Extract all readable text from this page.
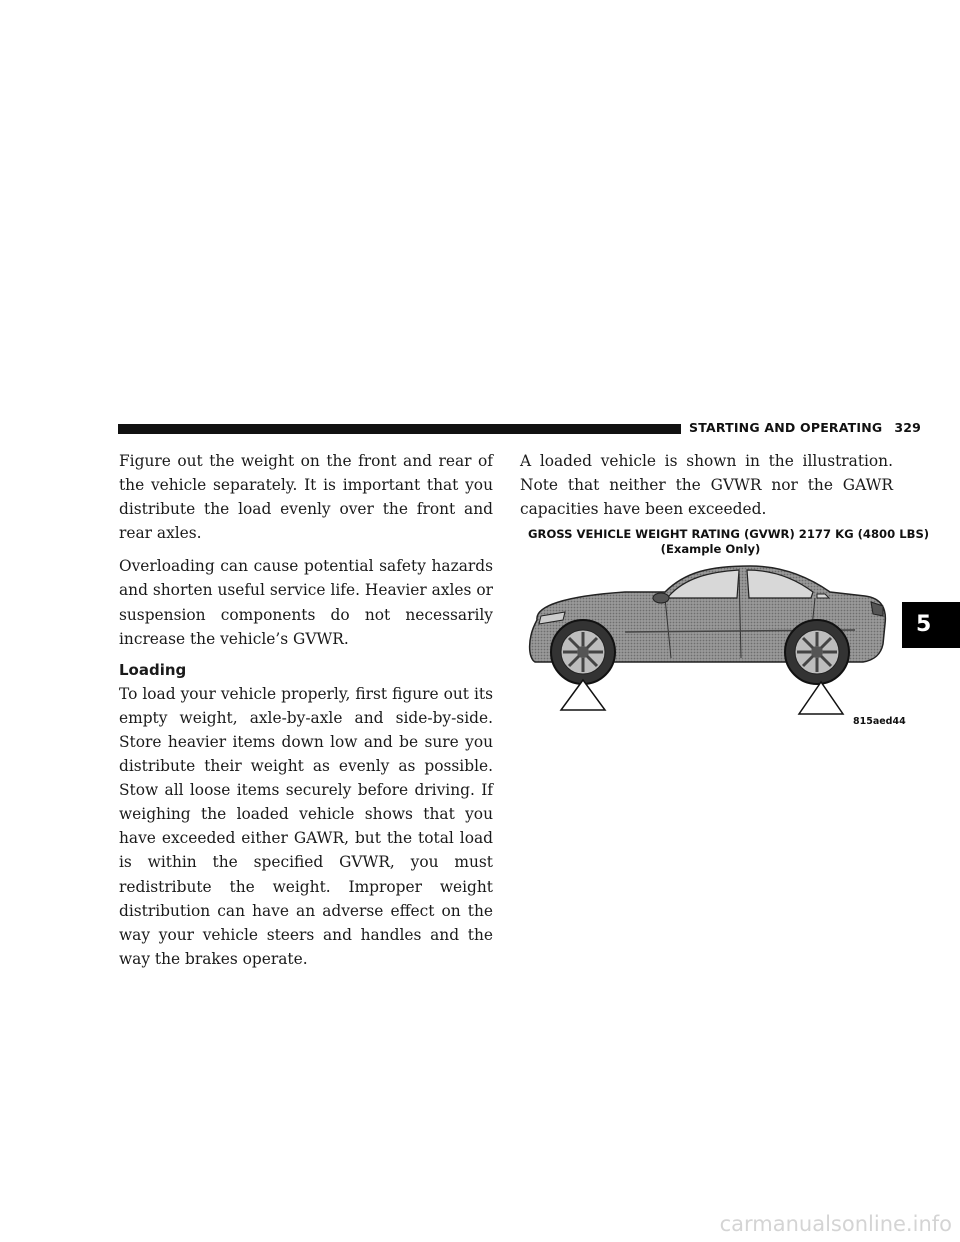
STARTING AND OPERATING 329

Figure out the weight on the front and rear of the vehicle separately. It is important that you distribute the load evenly over the front and rear axles.

Overloading can cause potential safety hazards and shorten useful service life. Heavier axles or suspension components do not necessarily increase the vehicle’s GVWR.

Loading

To load your vehicle properly, first figure out its empty weight, axle-by-axle and side-by-side. Store heavier items down low and be sure you distribute their weight as evenly as possible. Stow all loose items securely before driving. If weighing the loaded vehicle shows that you have exceeded either GAWR, but the total load is within the specified GVWR, you must redistribute the weight. Improper weight distribution can have an adverse effect on the way your vehicle steers and handles and the way the brakes operate.

A loaded vehicle is shown in the illustration. Note that neither the GVWR nor the GAWR capacities have been exceeded.

GROSS VEHICLE WEIGHT RATING (GVWR) 2177 KG (4800 LBS)
(Example Only)
815aed44
5
carmanualsonline.info
